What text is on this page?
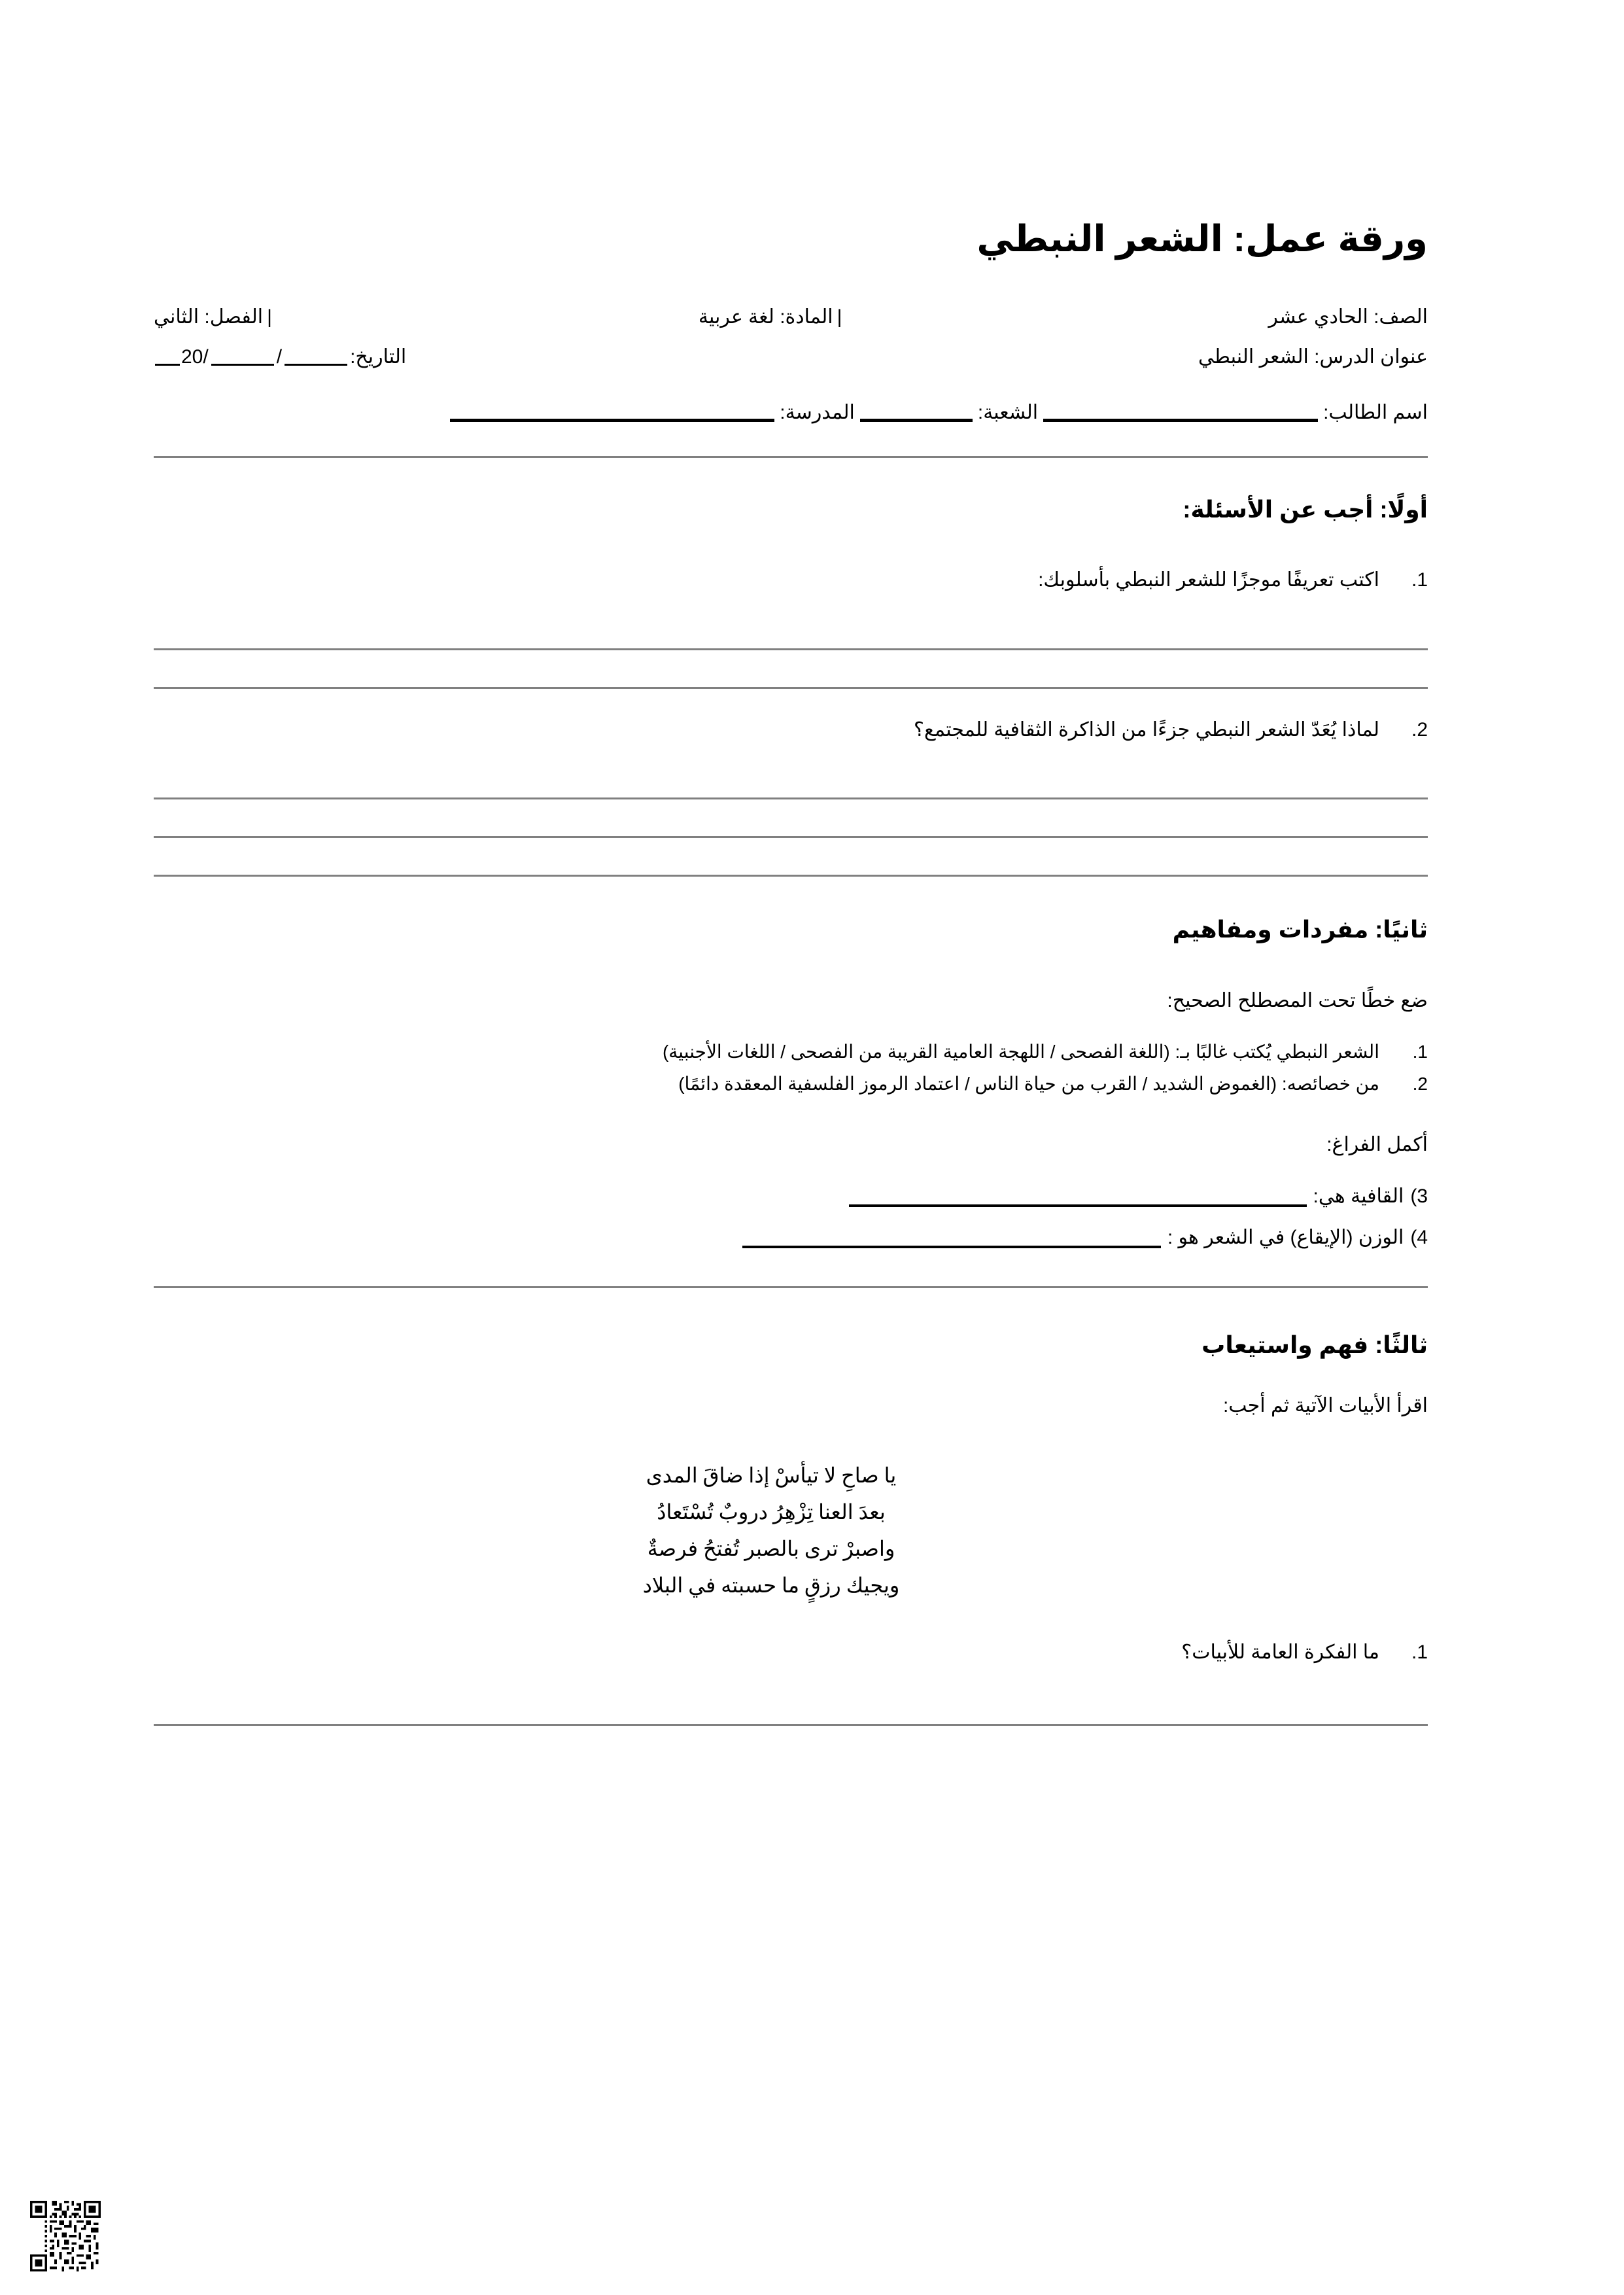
ورقة عمل: الشعر النبطي
الصف: الحادي عشر
|المادة: لغة عربية
|الفصل: الثاني
عنوان الدرس: الشعر النبطي
التاريخ://20
اسم الطالب:
الشعبة:
المدرسة:
أولًا: أجب عن الأسئلة:
1.
اكتب تعريفًا موجزًا للشعر النبطي بأسلوبك:
2.
لماذا يُعَدّ الشعر النبطي جزءًا من الذاكرة الثقافية للمجتمع؟
ثانيًا: مفردات ومفاهيم

ضع خطًا تحت المصطلح الصحيح:

1.
الشعر النبطي يُكتب غالبًا بـ: (اللغة الفصحى / اللهجة العامية القريبة من الفصحى / اللغات الأجنبية)
2.
من خصائصه: (الغموض الشديد / القرب من حياة الناس / اعتماد الرموز الفلسفية المعقدة دائمًا)

أكمل الفراغ:

3)
القافية هي:
4)
الوزن (الإيقاع) في الشعر هو :
ثالثًا: فهم واستيعاب

اقرأ الأبيات الآتية ثم أجب:

يا صاحِ لا تيأسْ إذا ضاقَ المدى
بعدَ العنا تِزْهِرُ دروبٌ تُسْتَعادُ
واصبرْ ترى بالصبر تُفتحُ فرصةٌ
ويجيك رزقٍ ما حسبته في البلاد
1.
ما الفكرة العامة للأبيات؟
